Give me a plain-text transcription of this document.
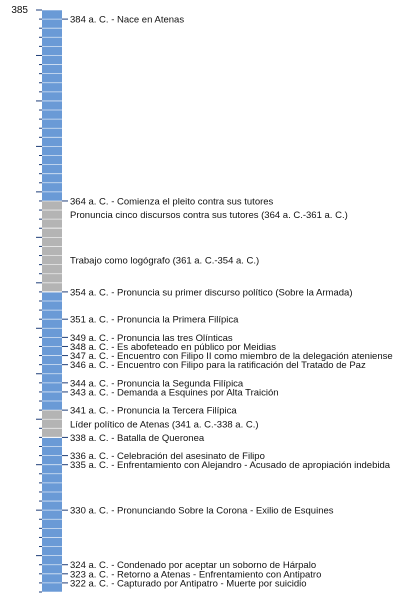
385
Pronuncia cinco discursos contra sus tutores (364 a. C.-361 a. C.)
Trabajo como logógrafo (361 a. C.-354 a. C.)
Líder político de Atenas (341 a. C.-338 a. C.)
384 a. C. - Nace en Atenas
364 a. C. - Comienza el pleito contra sus tutores
354 a. C. - Pronuncia su primer discurso político (Sobre la Armada)
351 a. C. - Pronuncia la Primera Filípica
349 a. C. - Pronuncia las tres Olínticas
348 a. C. - Es abofeteado en público por Meidias
347 a. C. - Encuentro con Filipo II como miembro de la delegación ateniense
346 a. C. - Encuentro con Filipo para la ratificación del Tratado de Paz
344 a. C. - Pronuncia la Segunda Filípica
343 a. C. - Demanda a Esquines por Alta Traición
341 a. C. - Pronuncia la Tercera Filípica
338 a. C. - Batalla de Queronea
336 a. C. - Celebración del asesinato de Filipo
335 a. C. - Enfrentamiento con Alejandro - Acusado de apropiación indebida
330 a. C. - Pronunciando Sobre la Corona - Exilio de Esquines
324 a. C. - Condenado por aceptar un soborno de Hárpalo
323 a. C. - Retorno a Atenas - Enfrentamiento con Antipatro
322 a. C. - Capturado por Antipatro - Muerte por suicidio
